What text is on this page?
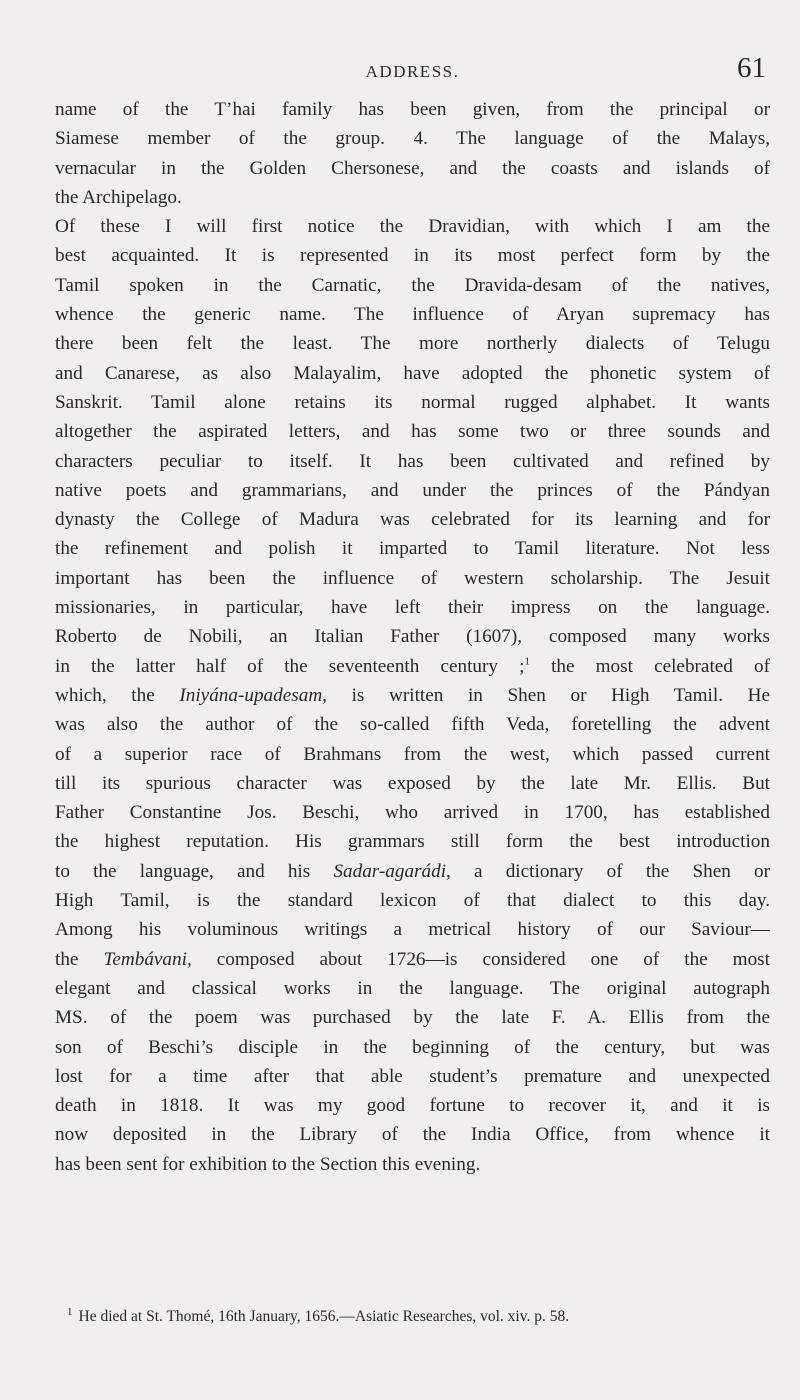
ADDRESS.	61
name of the T’hai family has been given, from the principal or
Siamese member of the group. 4. The language of the Malays,
vernacular in the Golden Chersonese, and the coasts and islands of
the Archipelago.
Of these I will first notice the Dravidian, with which I am the
best acquainted. It is represented in its most perfect form by the
Tamil spoken in the Carnatic, the Dravida-desam of the natives,
whence the generic name. The influence of Aryan supremacy has
there been felt the least. The more northerly dialects of Telugu
and Canarese, as also Malayalim, have adopted the phonetic system of
Sanskrit. Tamil alone retains its normal rugged alphabet. It wants
altogether the aspirated letters, and has some two or three sounds and
characters peculiar to itself. It has been cultivated and refined by
native poets and grammarians, and under the princes of the Pándyan
dynasty the College of Madura was celebrated for its learning and for
the refinement and polish it imparted to Tamil literature. Not less
important has been the influence of western scholarship. The Jesuit
missionaries, in particular, have left their impress on the language.
Roberto de Nobili, an Italian Father (1607), composed many works
in the latter half of the seventeenth century ;$^1$ the most celebrated of
which, the Iniyána-upadesam, is written in Shen or High Tamil. He
was also the author of the so-called fifth Veda, foretelling the advent
of a superior race of Brahmans from the west, which passed current
till its spurious character was exposed by the late Mr. Ellis. But
Father Constantine Jos. Beschi, who arrived in 1700, has established
the highest reputation. His grammars still form the best introduction
to the language, and his Sadar-agarádi, a dictionary of the Shen or
High Tamil, is the standard lexicon of that dialect to this day.
Among his voluminous writings a metrical history of our Saviour—
the Tembávani, composed about 1726—is considered one of the most
elegant and classical works in the language. The original autograph
MS. of the poem was purchased by the late F. A. Ellis from the
son of Beschi’s disciple in the beginning of the century, but was
lost for a time after that able student’s premature and unexpected
death in 1818. It was my good fortune to recover it, and it is
now deposited in the Library of the India Office, from whence it
has been sent for exhibition to the Section this evening.
$^1$ He died at St. Thomé, 16th January, 1656.—Asiatic Researches, vol. xiv. p. 58.
